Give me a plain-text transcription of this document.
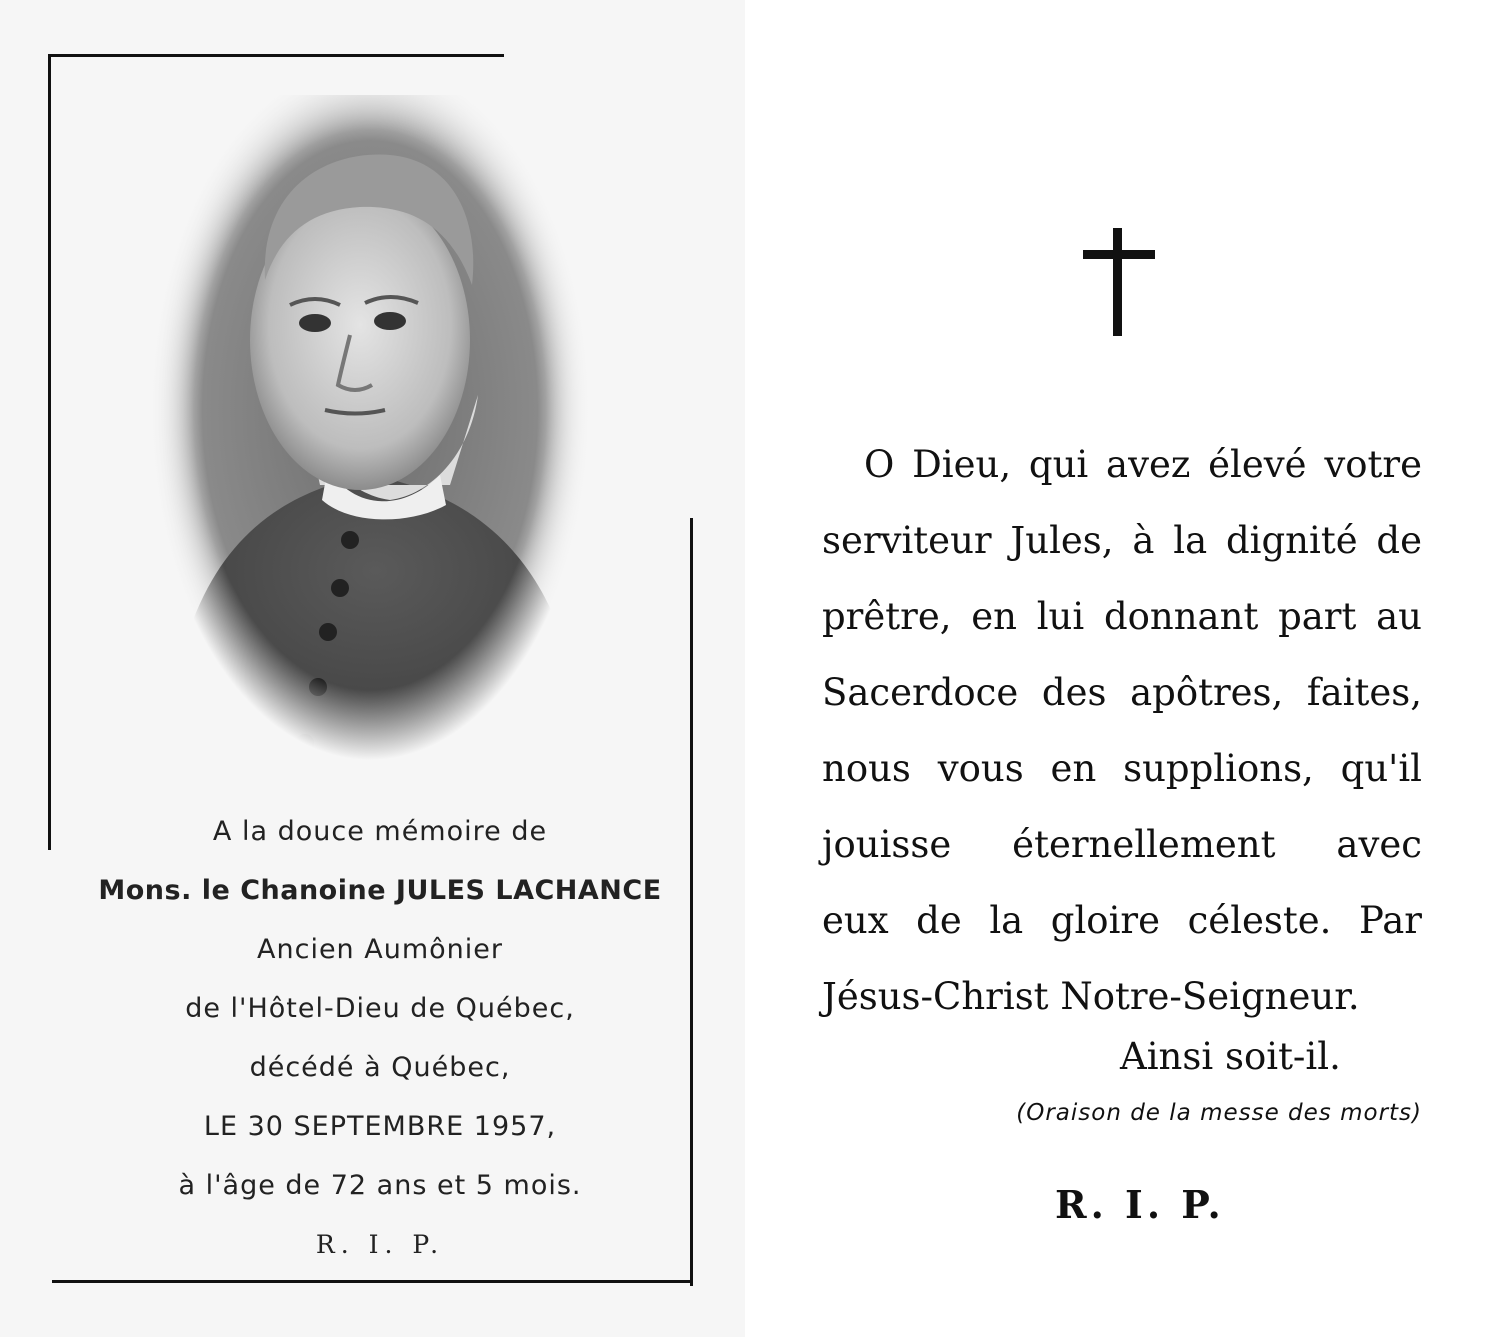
A la douce mémoire de
Mons. le Chanoine JULES LACHANCE
Ancien Aumônier
de l'Hôtel-Dieu de Québec,
décédé à Québec,
LE 30 SEPTEMBRE 1957,
à l'âge de 72 ans et 5 mois.
R. I. P.
O Dieu, qui avez élevé votre
serviteur Jules, à la dignité de
prêtre, en lui donnant part au
Sacerdoce des apôtres, faites,
nous vous en supplions, qu'il
jouisse éternellement avec
eux de la gloire céleste. Par
Jésus-Christ Notre-Seigneur.
Ainsi soit-il.
(Oraison de la messe des morts)
R. I. P.
